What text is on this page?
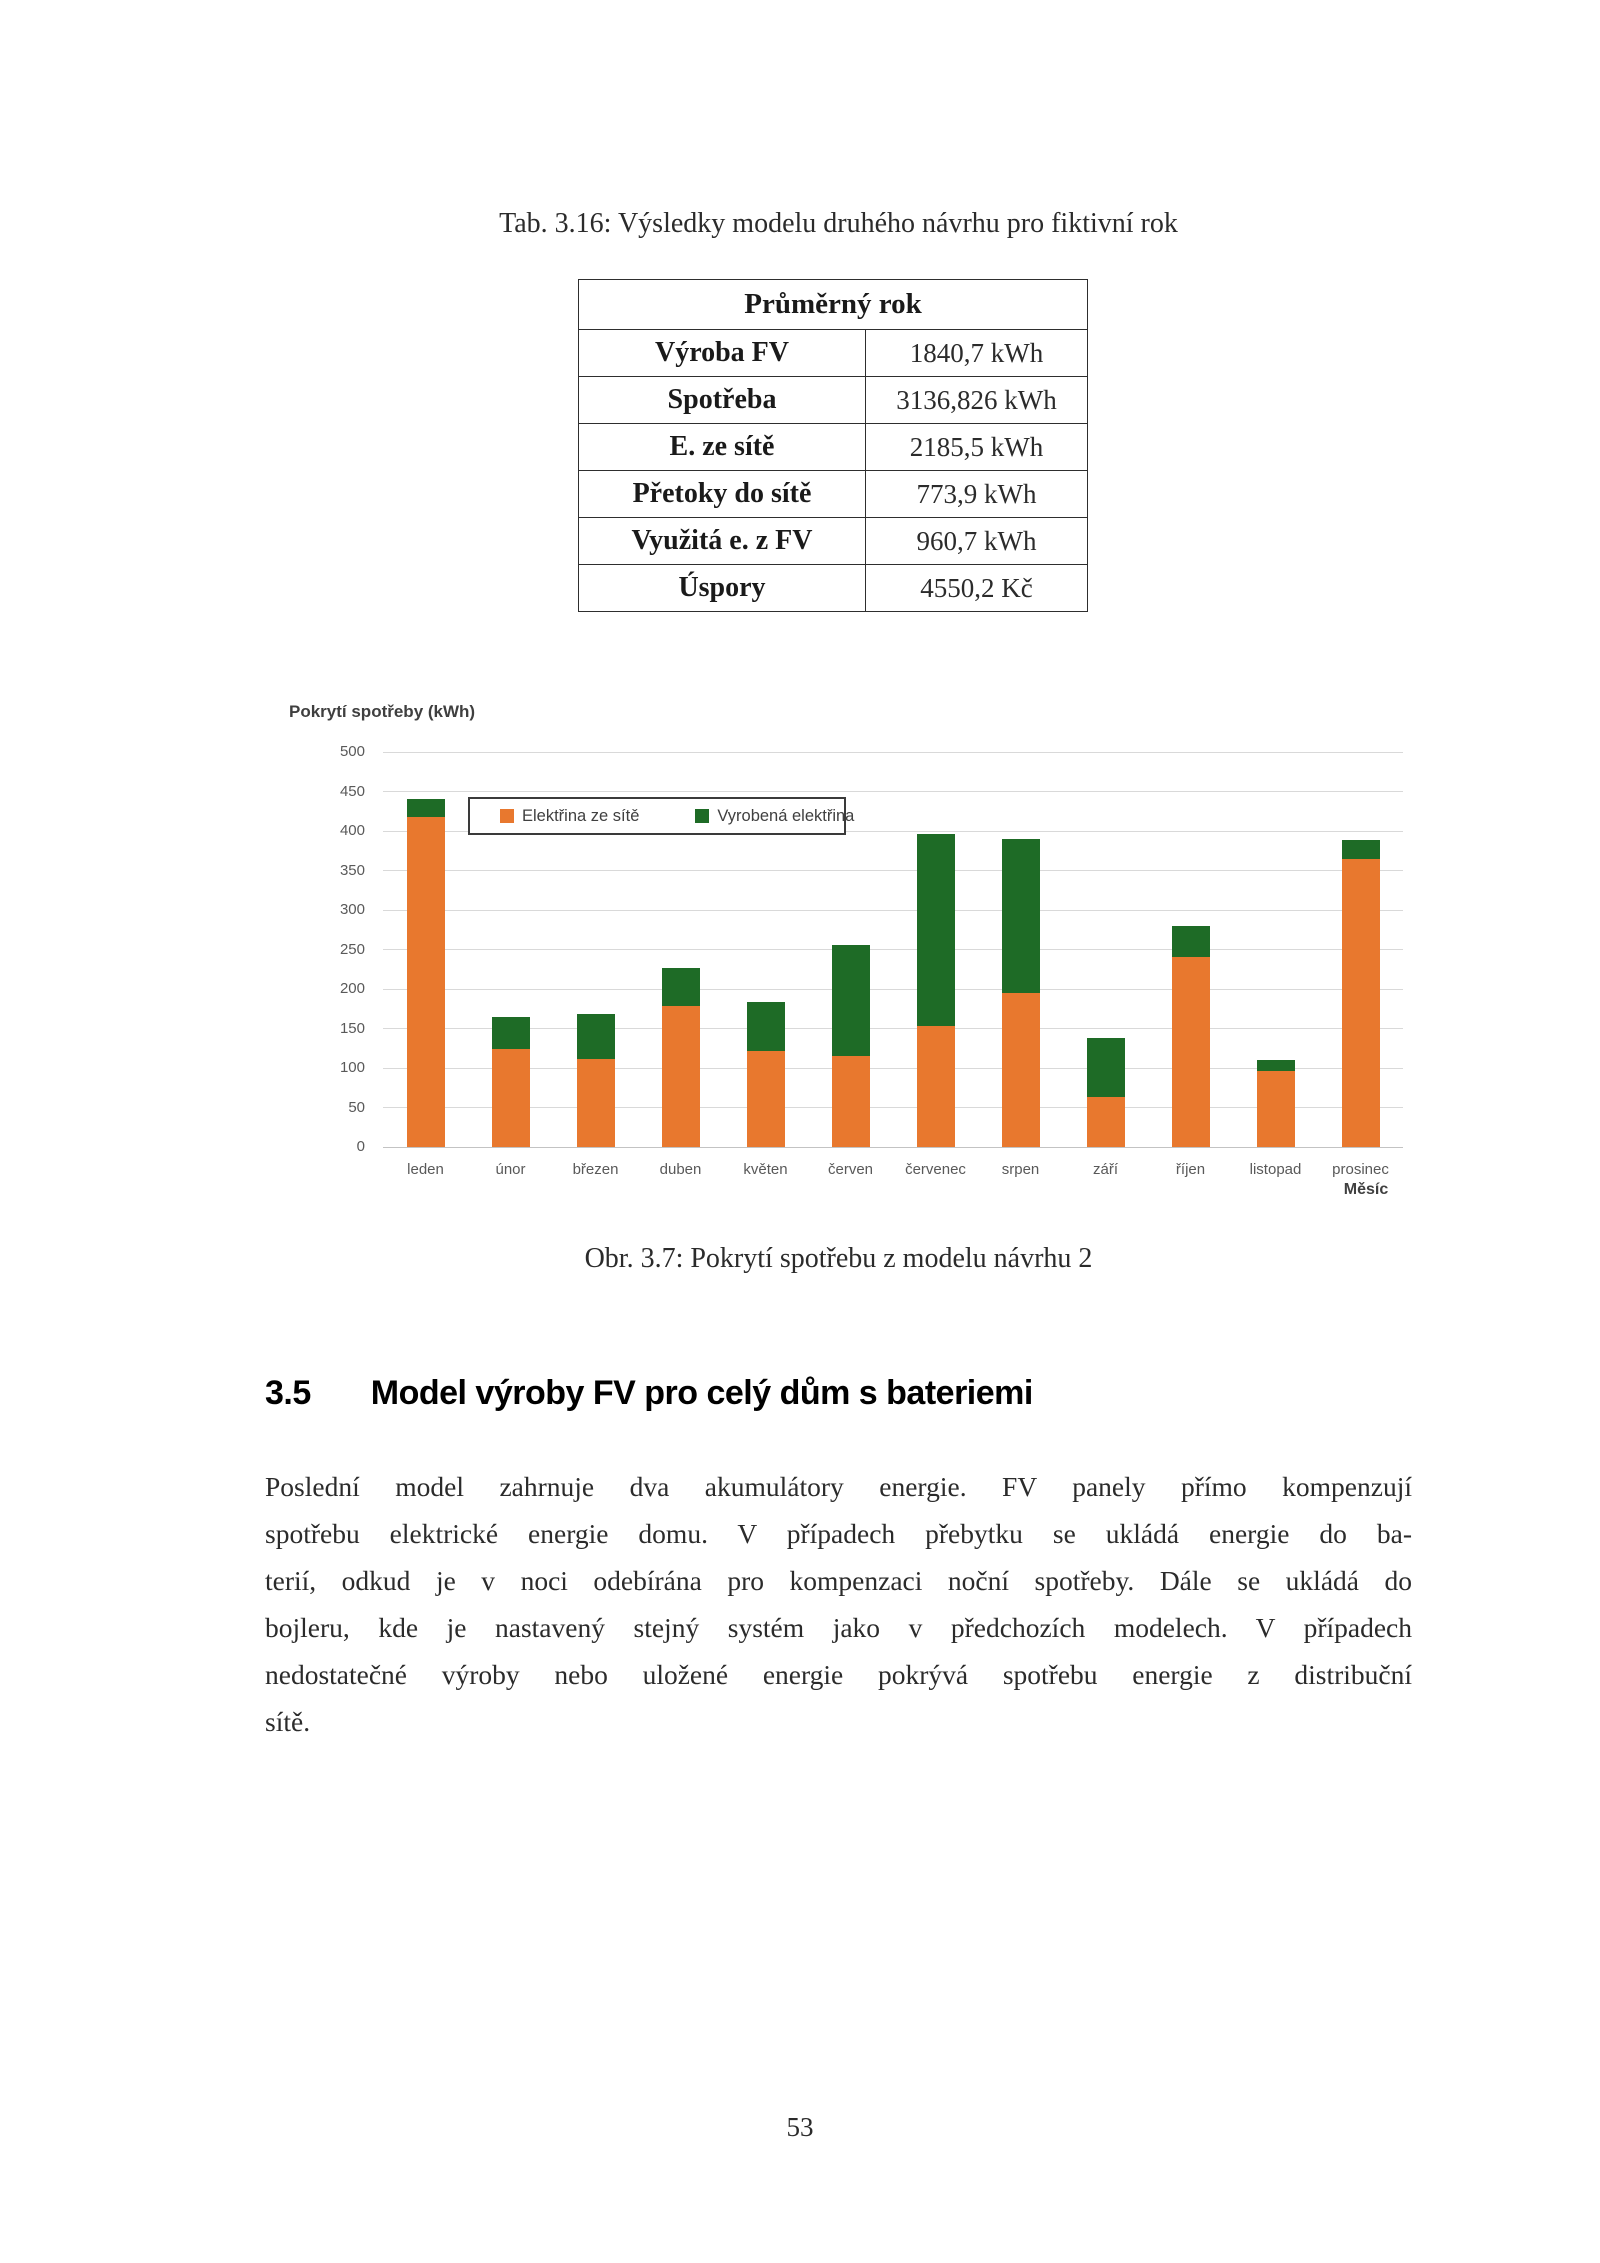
Tab. 3.16: Výsledky modelu druhého návrhu pro fiktivní rok
Průměrný rok	
Výroba FV	1840,7 kWh
Spotřeba	3136,826 kWh
E. ze sítě	2185,5 kWh
Přetoky do sítě	773,9 kWh
Využitá e. z FV	960,7 kWh
Úspory	4550,2 Kč
Pokrytí spotřeby (kWh)
0
50
100
150
200
250
300
350
400
450
500
leden	únor	březen	duben	květen	červen	červenec	srpen	září	říjen	listopad	prosinec
Elektřina ze sítě	Vyrobená elektřina
Měsíc
Obr. 3.7: Pokrytí spotřebu z modelu návrhu 2
3.5 Model výroby FV pro celý dům s bateriemi
Poslední model zahrnuje dva akumulátory energie. FV panely přímo kompenzují
spotřebu elektrické energie domu. V případech přebytku se ukládá energie do ba-
terií, odkud je v noci odebírána pro kompenzaci noční spotřeby. Dále se ukládá do
bojleru, kde je nastavený stejný systém jako v předchozích modelech. V případech
nedostatečné výroby nebo uložené energie pokrývá spotřebu energie z distribuční
sítě.
53
